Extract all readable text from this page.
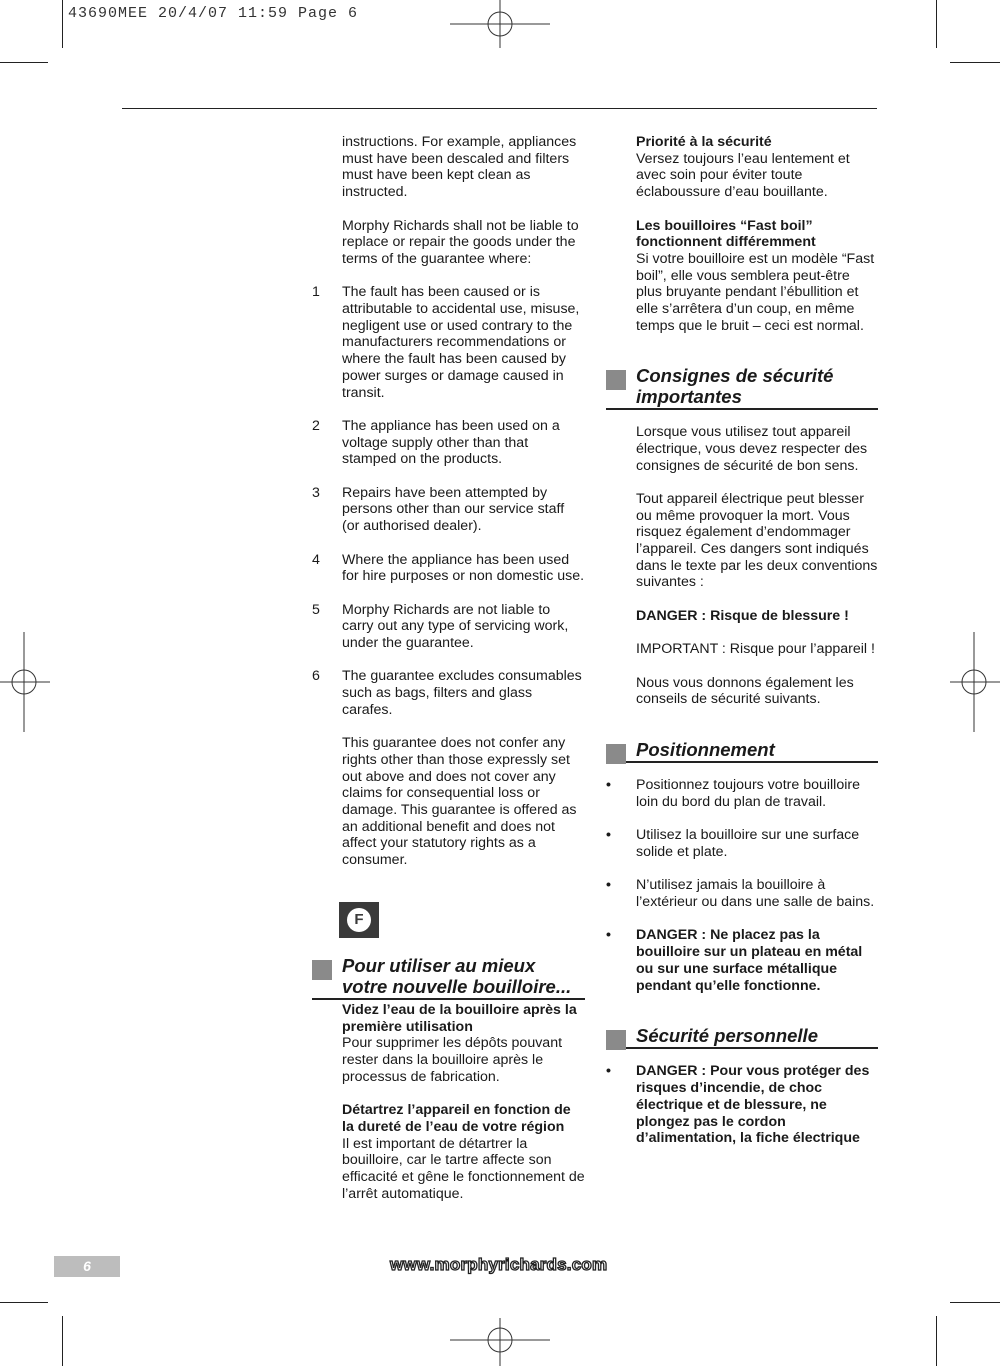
43690MEE 20/4/07 11:59 Page 6

instructions. For example, appliances must have been descaled and filters must have been kept clean as instructed.

Morphy Richards shall not be liable to replace or repair the goods under the terms of the guarantee where:

1 The fault has been caused or is attributable to accidental use, misuse, negligent use or used contrary to the manufacturers recommendations or where the fault has been caused by power surges or damage caused in transit.
2 The appliance has been used on a voltage supply other than that stamped on the products.
3 Repairs have been attempted by persons other than our service staff (or authorised dealer).
4 Where the appliance has been used for hire purposes or non domestic use.
5 Morphy Richards are not liable to carry out any type of servicing work, under the guarantee.
6 The guarantee excludes consumables such as bags, filters and glass carafes.

This guarantee does not confer any rights other than those expressly set out above and does not cover any claims for consequential loss or damage. This guarantee is offered as an additional benefit and does not affect your statutory rights as a consumer.

F
Pour utiliser au mieux votre nouvelle bouilloire...

Videz l’eau de la bouilloire après la première utilisation
Pour supprimer les dépôts pouvant rester dans la bouilloire après le processus de fabrication.

Détartrez l’appareil en fonction de la dureté de l’eau de votre région
Il est important de détartrer la bouilloire, car le tartre affecte son efficacité et gêne le fonctionnement de l’arrêt automatique.

Priorité à la sécurité
Versez toujours l’eau lentement et avec soin pour éviter toute éclaboussure d’eau bouillante.

Les bouilloires “Fast boil” fonctionnent différemment
Si votre bouilloire est un modèle “Fast boil”, elle vous semblera peut-être plus bruyante pendant l’ébullition et elle s’arrêtera d’un coup, en même temps que le bruit – ceci est normal.

Consignes de sécurité importantes

Lorsque vous utilisez tout appareil électrique, vous devez respecter des consignes de sécurité de bon sens.

Tout appareil électrique peut blesser ou même provoquer la mort. Vous risquez également d’endommager l’appareil. Ces dangers sont indiqués dans le texte par les deux conventions suivantes :

DANGER : Risque de blessure !

IMPORTANT : Risque pour l’appareil !

Nous vous donnons également les conseils de sécurité suivants.

Positionnement
• Positionnez toujours votre bouilloire loin du bord du plan de travail.
• Utilisez la bouilloire sur une surface solide et plate.
• N’utilisez jamais la bouilloire à l’extérieur ou dans une salle de bains.
• DANGER : Ne placez pas la bouilloire sur un plateau en métal ou sur une surface métallique pendant qu’elle fonctionne.
Sécurité personnelle
• DANGER : Pour vous protéger des risques d’incendie, de choc électrique et de blessure, ne plongez pas le cordon d’alimentation, la fiche électrique
6	www.morphyrichards.com
